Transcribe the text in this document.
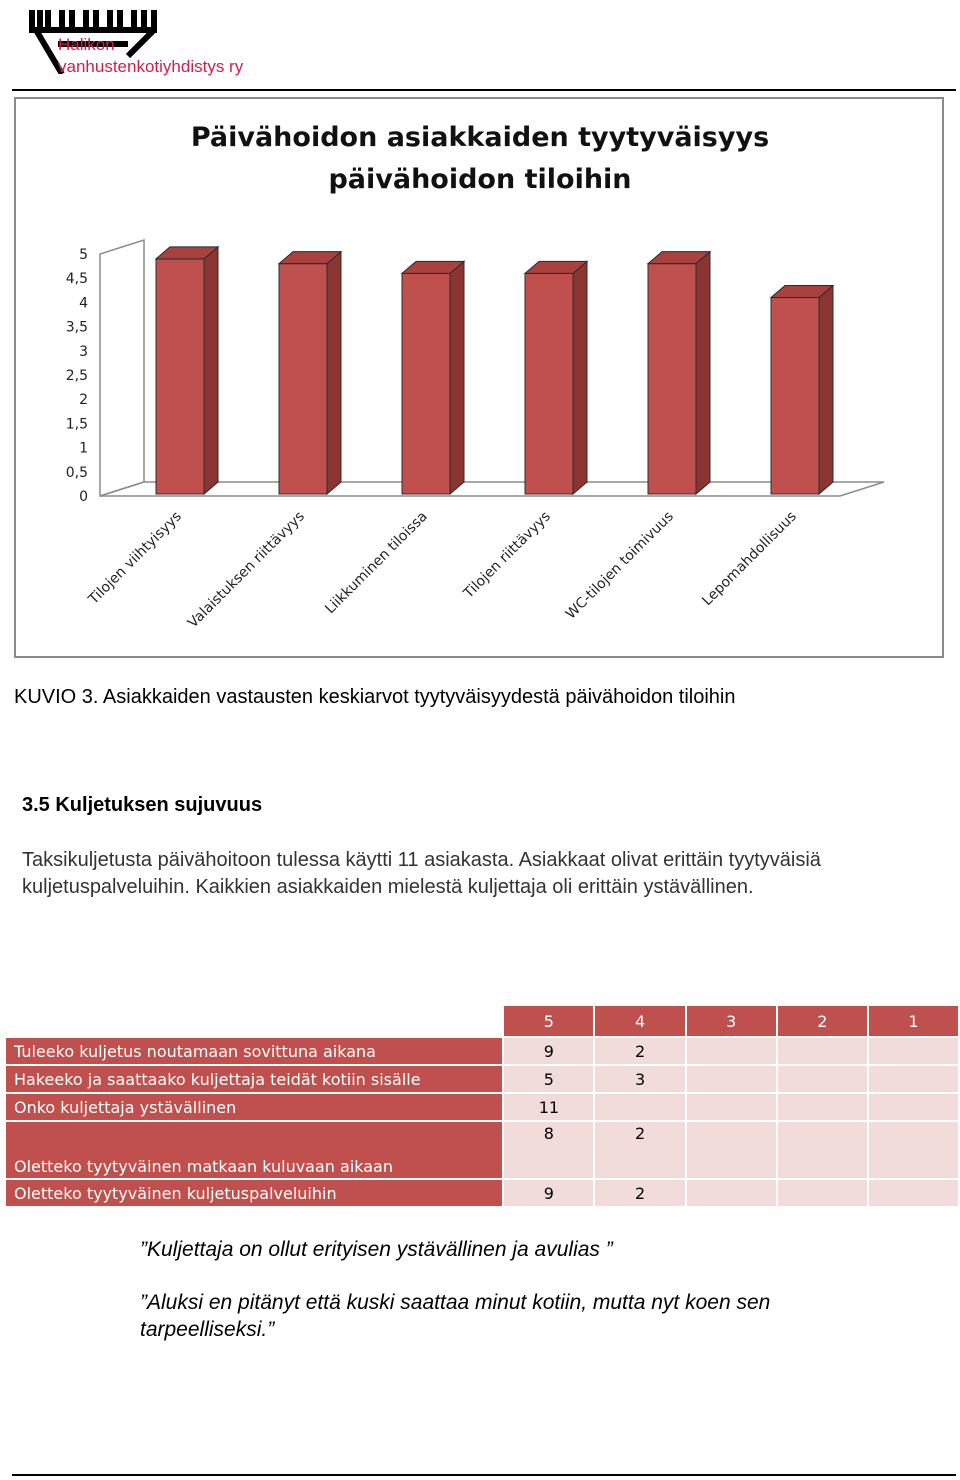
Halikon
vanhustenkotiyhdistys ry
Päivähoidon asiakkaiden tyytyväisyys päivähoidon tiloihin
0
0,5
1
1,5
2
2,5
3
3,5
4
4,5
5
Tilojen viihtyisyys Valaistuksen riittävyys Liikkuminen tiloissa Tilojen riittävyys WC-tilojen toimivuus Lepomahdollisuus
KUVIO 3. Asiakkaiden vastausten keskiarvot tyytyväisyydestä päivähoidon tiloihin
3.5 Kuljetuksen sujuvuus
Taksikuljetusta päivähoitoon tulessa käytti 11 asiakasta. Asiakkaat olivat erittäin tyytyväisiä kuljetuspalveluihin. Kaikkien asiakkaiden mielestä kuljettaja oli erittäin ystävällinen.
	5	4	3	2	1
Tuleeko kuljetus noutamaan sovittuna aikana	9	2			
Hakeeko ja saattaako kuljettaja teidät kotiin sisälle	5	3			
Onko kuljettaja ystävällinen	11				
Oletteko tyytyväinen matkaan kuluvaan aikaan	8	2			
Oletteko tyytyväinen kuljetuspalveluihin	9	2			
”Kuljettaja on ollut erityisen ystävällinen ja avulias ”
”Aluksi en pitänyt että kuski saattaa minut kotiin, mutta nyt koen sen tarpeelliseksi.”
